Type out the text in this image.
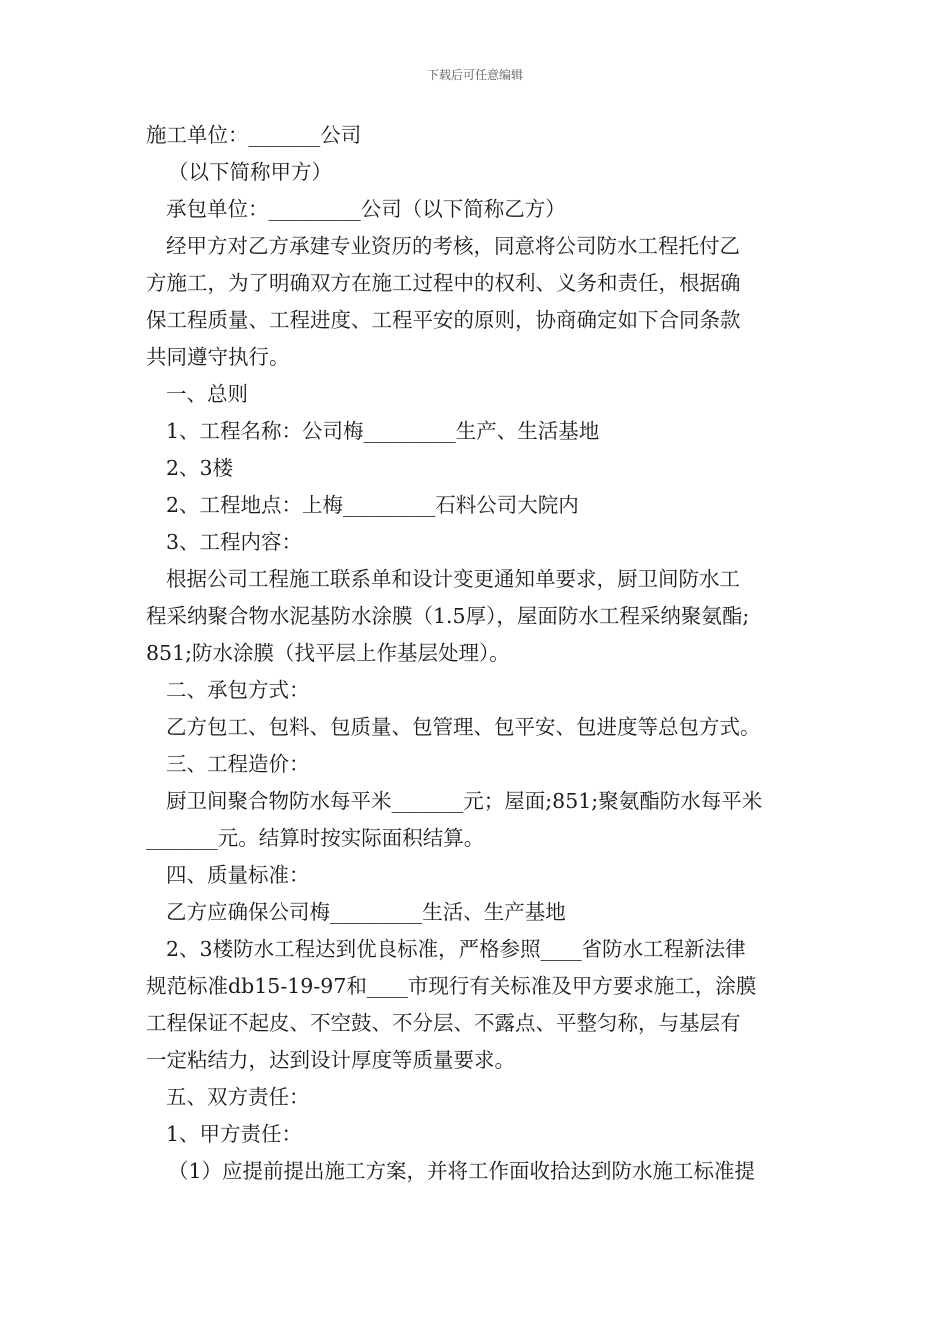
下载后可任意编辑
施工单位：_______公司
（以下简称甲方）
承包单位：_________公司（以下简称乙方）
经甲方对乙方承建专业资历的考核，同意将公司防水工程托付乙
方施工，为了明确双方在施工过程中的权利、义务和责任，根据确
保工程质量、工程进度、工程平安的原则，协商确定如下合同条款
共同遵守执行。
一、总则
1、工程名称：公司梅_________生产、生活基地
2、3楼
2、工程地点：上梅_________石料公司大院内
3、工程内容：
根据公司工程施工联系单和设计变更通知单要求，厨卫间防水工
程采纳聚合物水泥基防水涂膜（1.5厚），屋面防水工程采纳聚氨酯;
851;防水涂膜（找平层上作基层处理）。
二、承包方式：
乙方包工、包料、包质量、包管理、包平安、包进度等总包方式。
三、工程造价：
厨卫间聚合物防水每平米_______元；屋面;851;聚氨酯防水每平米
_______元。结算时按实际面积结算。
四、质量标准：
乙方应确保公司梅_________生活、生产基地
2、3楼防水工程达到优良标准，严格参照____省防水工程新法律
规范标准db15-19-97和____市现行有关标准及甲方要求施工，涂膜
工程保证不起皮、不空鼓、不分层、不露点、平整匀称，与基层有
一定粘结力，达到设计厚度等质量要求。
五、双方责任：
1、甲方责任：
（1）应提前提出施工方案，并将工作面收拾达到防水施工标准提
